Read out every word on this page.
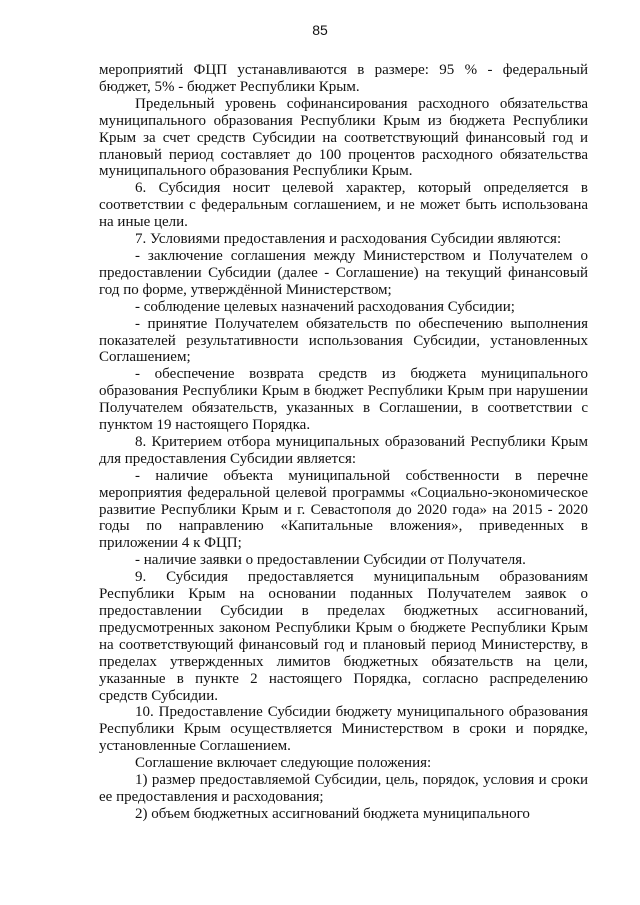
85

мероприятий ФЦП устанавливаются в размере: 95 % - федеральный бюджет, 5% - бюджет Республики Крым.

Предельный уровень софинансирования расходного обязательства муниципального образования Республики Крым из бюджета Республики Крым за счет средств Субсидии на соответствующий финансовый год и плановый период составляет до 100 процентов расходного обязательства муниципального образования Республики Крым.

6. Субсидия носит целевой характер, который определяется в соответствии с федеральным соглашением, и не может быть использована на иные цели.

7. Условиями предоставления и расходования Субсидии являются:

- заключение соглашения между Министерством и Получателем о предоставлении Субсидии (далее - Соглашение) на текущий финансовый год по форме, утверждённой Министерством;

- соблюдение целевых назначений расходования Субсидии;

- принятие Получателем обязательств по обеспечению выполнения показателей результативности использования Субсидии, установленных Соглашением;

- обеспечение возврата средств из бюджета муниципального образования Республики Крым в бюджет Республики Крым при нарушении Получателем обязательств, указанных в Соглашении, в соответствии с пунктом 19 настоящего Порядка.

8. Критерием отбора муниципальных образований Республики Крым для предоставления Субсидии является:

- наличие объекта муниципальной собственности в перечне мероприятия федеральной целевой программы «Социально-экономическое развитие Республики Крым и г. Севастополя до 2020 года» на 2015 - 2020 годы по направлению «Капитальные вложения», приведенных в приложении 4 к ФЦП;

- наличие заявки о предоставлении Субсидии от Получателя.

9. Субсидия предоставляется муниципальным образованиям Республики Крым на основании поданных Получателем заявок о предоставлении Субсидии в пределах бюджетных ассигнований, предусмотренных законом Республики Крым о бюджете Республики Крым на соответствующий финансовый год и плановый период Министерству, в пределах утвержденных лимитов бюджетных обязательств на цели, указанные в пункте 2 настоящего Порядка, согласно распределению средств Субсидии.

10. Предоставление Субсидии бюджету муниципального образования Республики Крым осуществляется Министерством в сроки и порядке, установленные Соглашением.

Соглашение включает следующие положения:

1) размер предоставляемой Субсидии, цель, порядок, условия и сроки ее предоставления и расходования;

2) объем бюджетных ассигнований бюджета муниципального
